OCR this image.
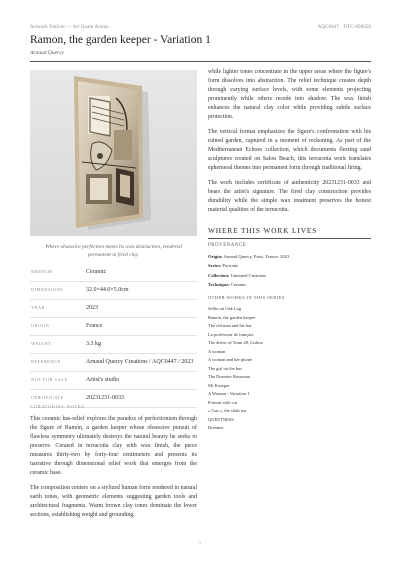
Artwork Notices — Art Quam Anima	AQC0447 · NTC-000056
Ramon, the garden keeper - Variation 1
Arnaud Quercy
Where obsessive perfection meets its own destruction, rendered permanent in fired clay.
MEDIUM	Ceramic
DIMENSIONS	32.0×44.0×5.0cm
YEAR	2023
ORIGIN	France
WEIGHT	3.3 kg
REFERENCE	Arnaud Quercy Creations / AQC0447 / 2023
NOT FOR SALE	Artist's studio
CERTIFICATE	20231231-0033
CURATORIAL NOTES

This ceramic bas-relief explores the paradox of perfectionism through the figure of Ramón, a garden keeper whose obsessive pursuit of flawless symmetry ultimately destroys the natural beauty he seeks to preserve. Created in terracotta clay with wax finish, the piece measures thirty-two by forty-four centimeters and presents its narrative through dimensional relief work that emerges from the ceramic base.

The composition centers on a stylized human form rendered in natural earth tones, with geometric elements suggesting garden tools and architectural fragments. Warm brown clay tones dominate the lower sections, establishing weight and grounding,

while lighter tones concentrate in the upper areas where the figure's form dissolves into abstraction. The relief technique creates depth through varying surface levels, with some elements projecting prominently while others recede into shadow. The wax finish enhances the natural clay color while providing subtle surface protection.

The vertical format emphasizes the figure's confrontation with his ruined garden, captured in a moment of reckoning. As part of the Mediterranean Echoes collection, which documents fleeting sand sculptures created on Salou Beach, this terracotta work translates ephemeral themes into permanent form through traditional firing.

The work includes certificate of authenticity 20231231-0033 and bears the artist's signature. The fired clay construction provides durability while the simple wax treatment preserves the honest material qualities of the terracotta.

WHERE THIS WORK LIVES
PROVENANCE
Origin: Arnaud Quercy, Paris, France, 2023
Series: Portraits
Collection: Untamed Creations
Technique: Ceramic
OTHER WORKS IN THIS SERIES
Selfie on Oak Log
Ramon, the garden keeper
The old man and his hat
La professeur de français
The driver of Tram 28, Lisbon
A woman
A woman and her phone
The girl on the bus
The Dosseier Rousseau
Mr Krueger
A Woman - Variation 1
Portrait with cat
« Gus », the sloth tea
QUEETNESS
Dreamer
1
